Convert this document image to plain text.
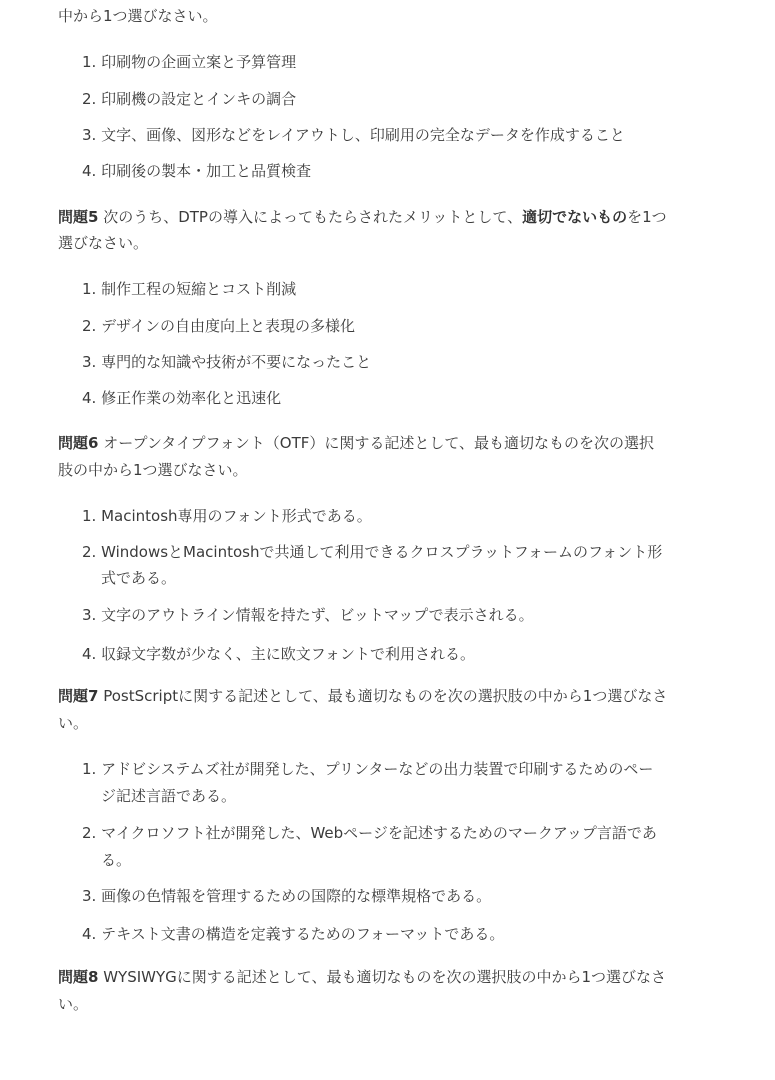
中から1つ選びなさい。
1. 印刷物の企画立案と予算管理
2. 印刷機の設定とインキの調合
3. 文字、画像、図形などをレイアウトし、印刷用の完全なデータを作成すること
4. 印刷後の製本・加工と品質検査
問題5 次のうち、DTPの導入によってもたらされたメリットとして、適切でないものを1つ
選びなさい。
1. 制作工程の短縮とコスト削減
2. デザインの自由度向上と表現の多様化
3. 専門的な知識や技術が不要になったこと
4. 修正作業の効率化と迅速化
問題6 オープンタイプフォント（OTF）に関する記述として、最も適切なものを次の選択
肢の中から1つ選びなさい。
1. Macintosh専用のフォント形式である。
2. WindowsとMacintoshで共通して利用できるクロスプラットフォームのフォント形
式である。
3. 文字のアウトライン情報を持たず、ビットマップで表示される。
4. 収録文字数が少なく、主に欧文フォントで利用される。
問題7 PostScriptに関する記述として、最も適切なものを次の選択肢の中から1つ選びなさ
い。
1. アドビシステムズ社が開発した、プリンターなどの出力装置で印刷するためのペー
ジ記述言語である。
2. マイクロソフト社が開発した、Webページを記述するためのマークアップ言語であ
る。
3. 画像の色情報を管理するための国際的な標準規格である。
4. テキスト文書の構造を定義するためのフォーマットである。
問題8 WYSIWYGに関する記述として、最も適切なものを次の選択肢の中から1つ選びなさ
い。
